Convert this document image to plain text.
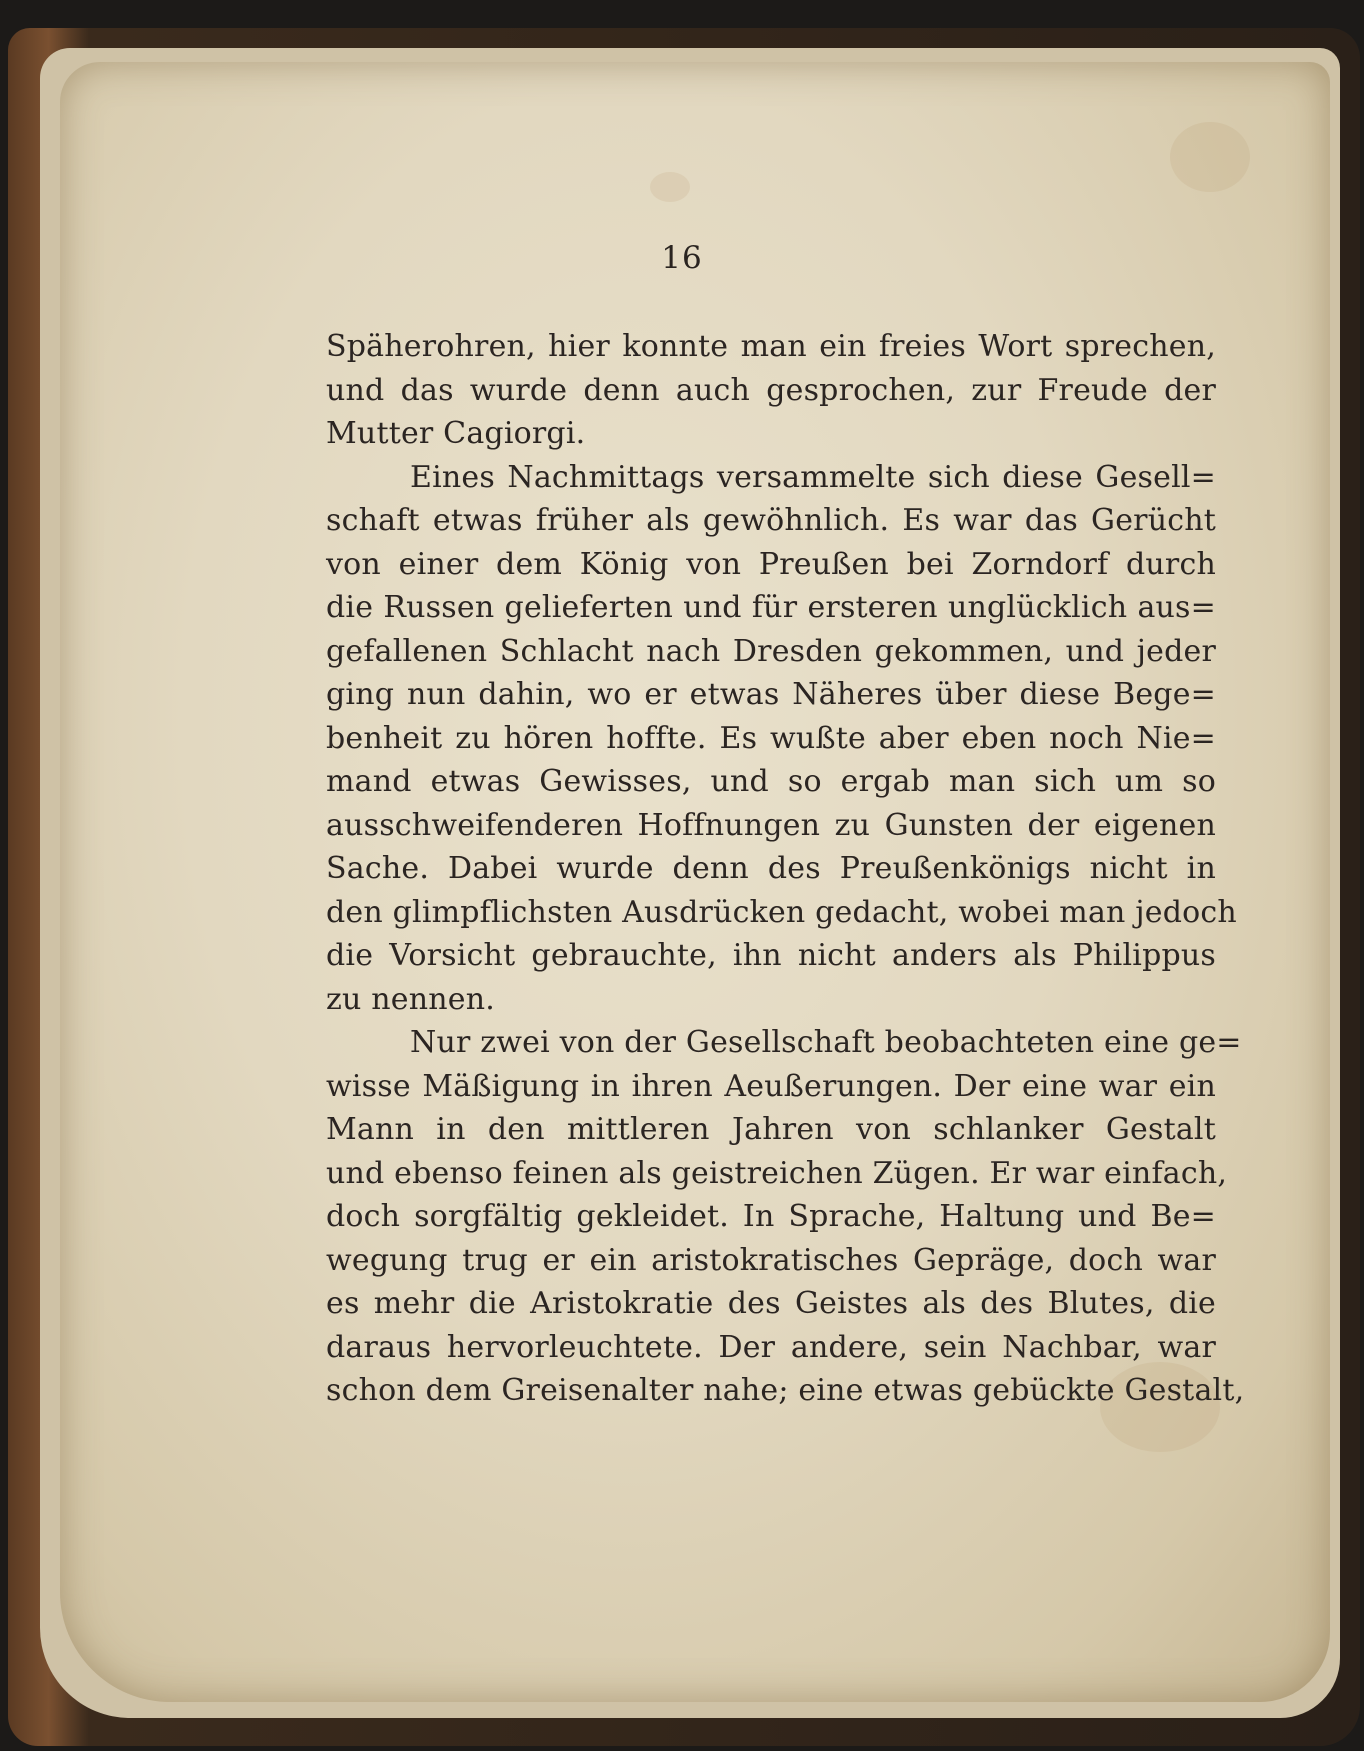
16
Späherohren, hier konnte man ein freies Wort sprechen,
und das wurde denn auch gesprochen, zur Freude der
Mutter Cagiorgi.
Eines Nachmittags versammelte sich diese Gesell=
schaft etwas früher als gewöhnlich. Es war das Gerücht
von einer dem König von Preußen bei Zorndorf durch
die Russen gelieferten und für ersteren unglücklich aus=
gefallenen Schlacht nach Dresden gekommen, und jeder
ging nun dahin, wo er etwas Näheres über diese Bege=
benheit zu hören hoffte. Es wußte aber eben noch Nie=
mand etwas Gewisses, und so ergab man sich um so
ausschweifenderen Hoffnungen zu Gunsten der eigenen
Sache. Dabei wurde denn des Preußenkönigs nicht in
den glimpflichsten Ausdrücken gedacht, wobei man jedoch
die Vorsicht gebrauchte, ihn nicht anders als Philippus
zu nennen.
Nur zwei von der Gesellschaft beobachteten eine ge=
wisse Mäßigung in ihren Aeußerungen. Der eine war ein
Mann in den mittleren Jahren von schlanker Gestalt
und ebenso feinen als geistreichen Zügen. Er war einfach,
doch sorgfältig gekleidet. In Sprache, Haltung und Be=
wegung trug er ein aristokratisches Gepräge, doch war
es mehr die Aristokratie des Geistes als des Blutes, die
daraus hervorleuchtete. Der andere, sein Nachbar, war
schon dem Greisenalter nahe; eine etwas gebückte Gestalt,
